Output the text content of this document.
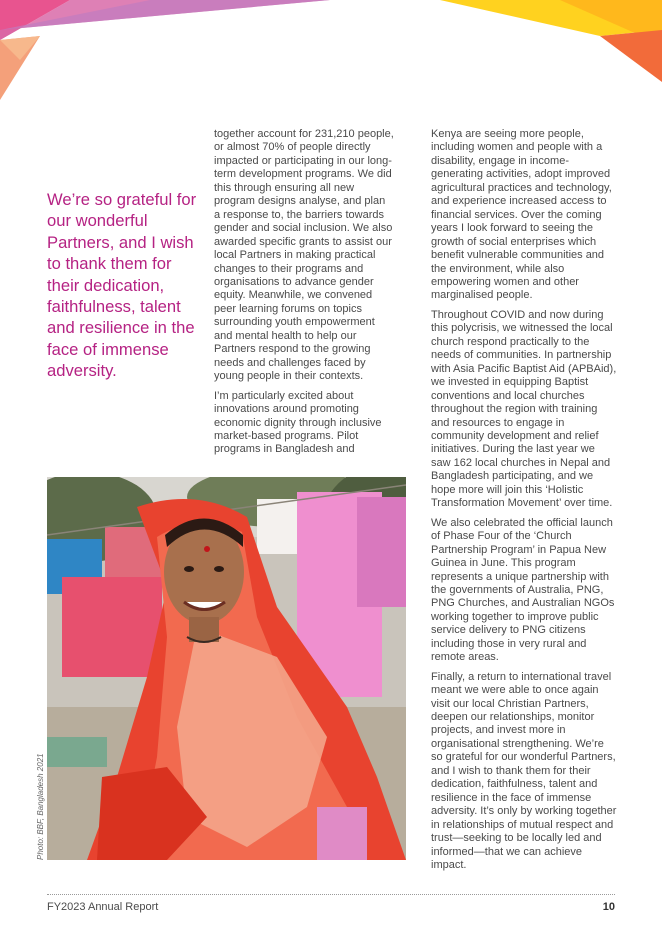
We’re so grateful for our wonderful Partners, and I wish to thank them for their dedication, faithfulness, talent and resilience in the face of immense adversity.

together account for 231,210 people, or almost 70% of people directly impacted or participating in our long-term development programs. We did this through ensuring all new program designs analyse, and plan a response to, the barriers towards gender and social inclusion. We also awarded specific grants to assist our local Partners in making practical changes to their programs and organisations to advance gender equity. Meanwhile, we convened peer learning forums on topics surrounding youth empowerment and mental health to help our Partners respond to the growing needs and challenges faced by young people in their contexts.

I’m particularly excited about innovations around promoting economic dignity through inclusive market-based programs. Pilot programs in Bangladesh and

Kenya are seeing more people, including women and people with a disability, engage in income-generating activities, adopt improved agricultural practices and technology, and experience increased access to financial services. Over the coming years I look forward to seeing the growth of social enterprises which benefit vulnerable communities and the environment, while also empowering women and other marginalised people.

Throughout COVID and now during this polycrisis, we witnessed the local church respond practically to the needs of communities. In partnership with Asia Pacific Baptist Aid (APBAid), we invested in equipping Baptist conventions and local churches throughout the region with training and resources to engage in community development and relief initiatives. During the last year we saw 162 local churches in Nepal and Bangladesh participating, and we hope more will join this ‘Holistic Transformation Movement’ over time.

We also celebrated the official launch of Phase Four of the ‘Church Partnership Program’ in Papua New Guinea in June. This program represents a unique partnership with the governments of Australia, PNG, PNG Churches, and Australian NGOs working together to improve public service delivery to PNG citizens including those in very rural and remote areas.

Finally, a return to international travel meant we were able to once again visit our local Christian Partners, deepen our relationships, monitor projects, and invest more in organisational strengthening. We’re so grateful for our wonderful Partners, and I wish to thank them for their dedication, faithfulness, talent and resilience in the face of immense adversity. It’s only by working together in relationships of mutual respect and trust—seeking to be locally led and informed—that we can achieve impact.

Photo: BBF, Bangladesh 2021
FY2023 Annual Report	10
